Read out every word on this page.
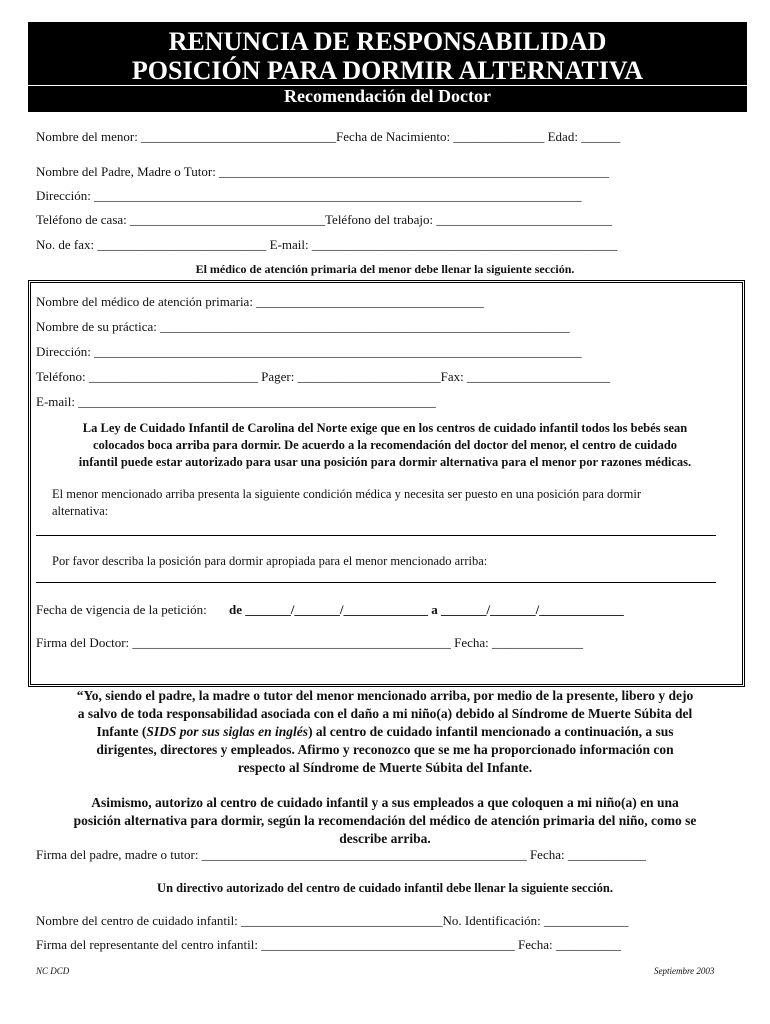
RENUNCIA DE RESPONSABILIDAD
POSICIÓN PARA DORMIR ALTERNATIVA
Recomendación del Doctor
Nombre del menor: ______________________________Fecha de Nacimiento: ______________ Edad: ______
Nombre del Padre, Madre o Tutor: ____________________________________________________________
Dirección: ___________________________________________________________________________
Teléfono de casa: ______________________________Teléfono del trabajo: ___________________________
No. de fax: __________________________ E-mail: _______________________________________________
El médico de atención primaria del menor debe llenar la siguiente sección.
Nombre del médico de atención primaria: ___________________________________
Nombre de su práctica: _______________________________________________________________
Dirección: ___________________________________________________________________________
Teléfono: __________________________ Pager: ______________________Fax: ______________________
E-mail: _______________________________________________________
La Ley de Cuidado Infantil de Carolina del Norte exige que en los centros de cuidado infantil todos los bebés sean
colocados boca arriba para dormir. De acuerdo a la recomendación del doctor del menor, el centro de cuidado
infantil puede estar autorizado para usar una posición para dormir alternativa para el menor por razones médicas.
El menor mencionado arriba presenta la siguiente condición médica y necesita ser puesto en una posición para dormir
alternativa:
Por favor describa la posición para dormir apropiada para el menor mencionado arriba:
Fecha de vigencia de la petición: de _______/_______/_____________ a _______/_______/_____________
Firma del Doctor: _________________________________________________ Fecha: ______________
“Yo, siendo el padre, la madre o tutor del menor mencionado arriba, por medio de la presente, libero y dejo
a salvo de toda responsabilidad asociada con el daño a mi niño(a) debido al Síndrome de Muerte Súbita del
Infante (SIDS por sus siglas en inglés) al centro de cuidado infantil mencionado a continuación, a sus
dirigentes, directores y empleados. Afirmo y reconozco que se me ha proporcionado información con
respecto al Síndrome de Muerte Súbita del Infante.
Asimismo, autorizo al centro de cuidado infantil y a sus empleados a que coloquen a mi niño(a) en una
posición alternativa para dormir, según la recomendación del médico de atención primaria del niño, como se
describe arriba.
Firma del padre, madre o tutor: __________________________________________________ Fecha: ____________
Un directivo autorizado del centro de cuidado infantil debe llenar la siguiente sección.
Nombre del centro de cuidado infantil: _______________________________No. Identificación: _____________
Firma del representante del centro infantil: _______________________________________ Fecha: __________
NC DCD	Septiembre 2003
